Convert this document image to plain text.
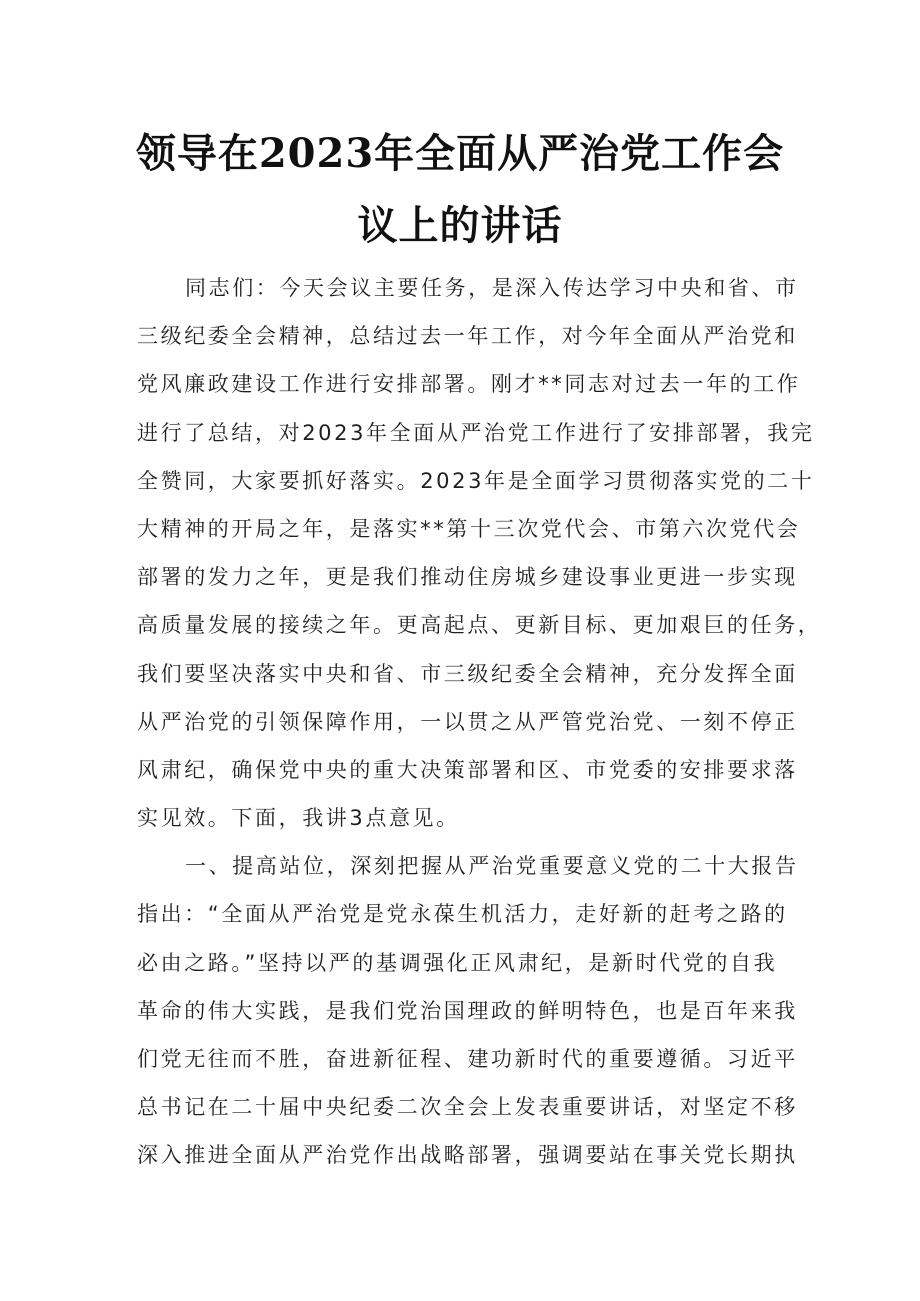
领导在2023年全面从严治党工作会
议上的讲话
同志们：今天会议主要任务，是深入传达学习中央和省、市
三级纪委全会精神，总结过去一年工作，对今年全面从严治党和
党风廉政建设工作进行安排部署。刚才**同志对过去一年的工作
进行了总结，对2023年全面从严治党工作进行了安排部署，我完
全赞同，大家要抓好落实。2023年是全面学习贯彻落实党的二十
大精神的开局之年，是落实**第十三次党代会、市第六次党代会
部署的发力之年，更是我们推动住房城乡建设事业更进一步实现
高质量发展的接续之年。更高起点、更新目标、更加艰巨的任务，
我们要坚决落实中央和省、市三级纪委全会精神，充分发挥全面
从严治党的引领保障作用，一以贯之从严管党治党、一刻不停正
风肃纪，确保党中央的重大决策部署和区、市党委的安排要求落
实见效。下面，我讲3点意见。
一、提高站位，深刻把握从严治党重要意义党的二十大报告
指出：“全面从严治党是党永葆生机活力，走好新的赶考之路的
必由之路。”坚持以严的基调强化正风肃纪，是新时代党的自我
革命的伟大实践，是我们党治国理政的鲜明特色，也是百年来我
们党无往而不胜，奋进新征程、建功新时代的重要遵循。习近平
总书记在二十届中央纪委二次全会上发表重要讲话，对坚定不移
深入推进全面从严治党作出战略部署，强调要站在事关党长期执
